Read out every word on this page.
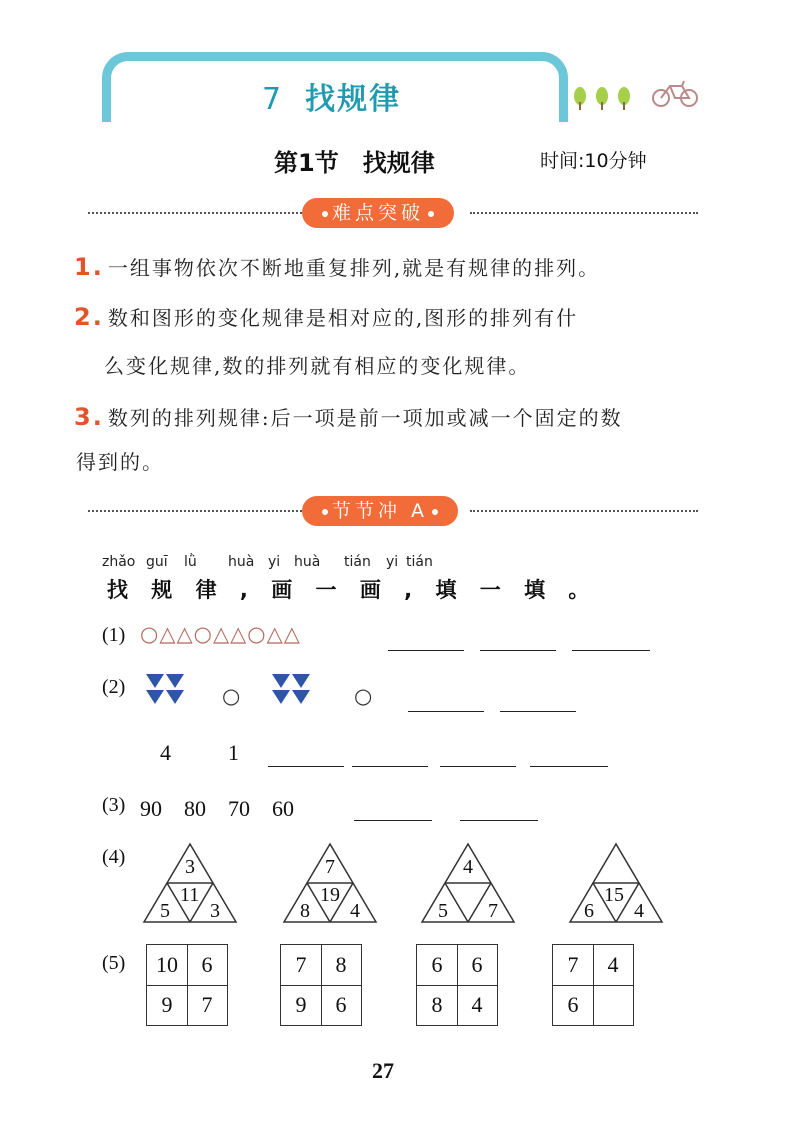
7 找规律
第1节　找规律	时间:10分钟
难点突破
1. 一组事物依次不断地重复排列,就是有规律的排列。
2. 数和图形的变化规律是相对应的,图形的排列有什
么变化规律,数的排列就有相应的变化规律。
3. 数列的排列规律:后一项是前一项加或减一个固定的数
得到的。
节节冲 A
zhǎo guī lǜ huà yi huà tián yi tián
找 规 律 , 画 一 画 , 填 一 填 。
(1) ○△△○△△○△△
(2)	○	○
4	1
(3) 90　80　70　60
(4)	3
11
5 3
7
19
8 4
4
5 7
15
6 4
(5)	10	6
9	7
7	8
9	6
6	6
8	4
7	4
6
27
